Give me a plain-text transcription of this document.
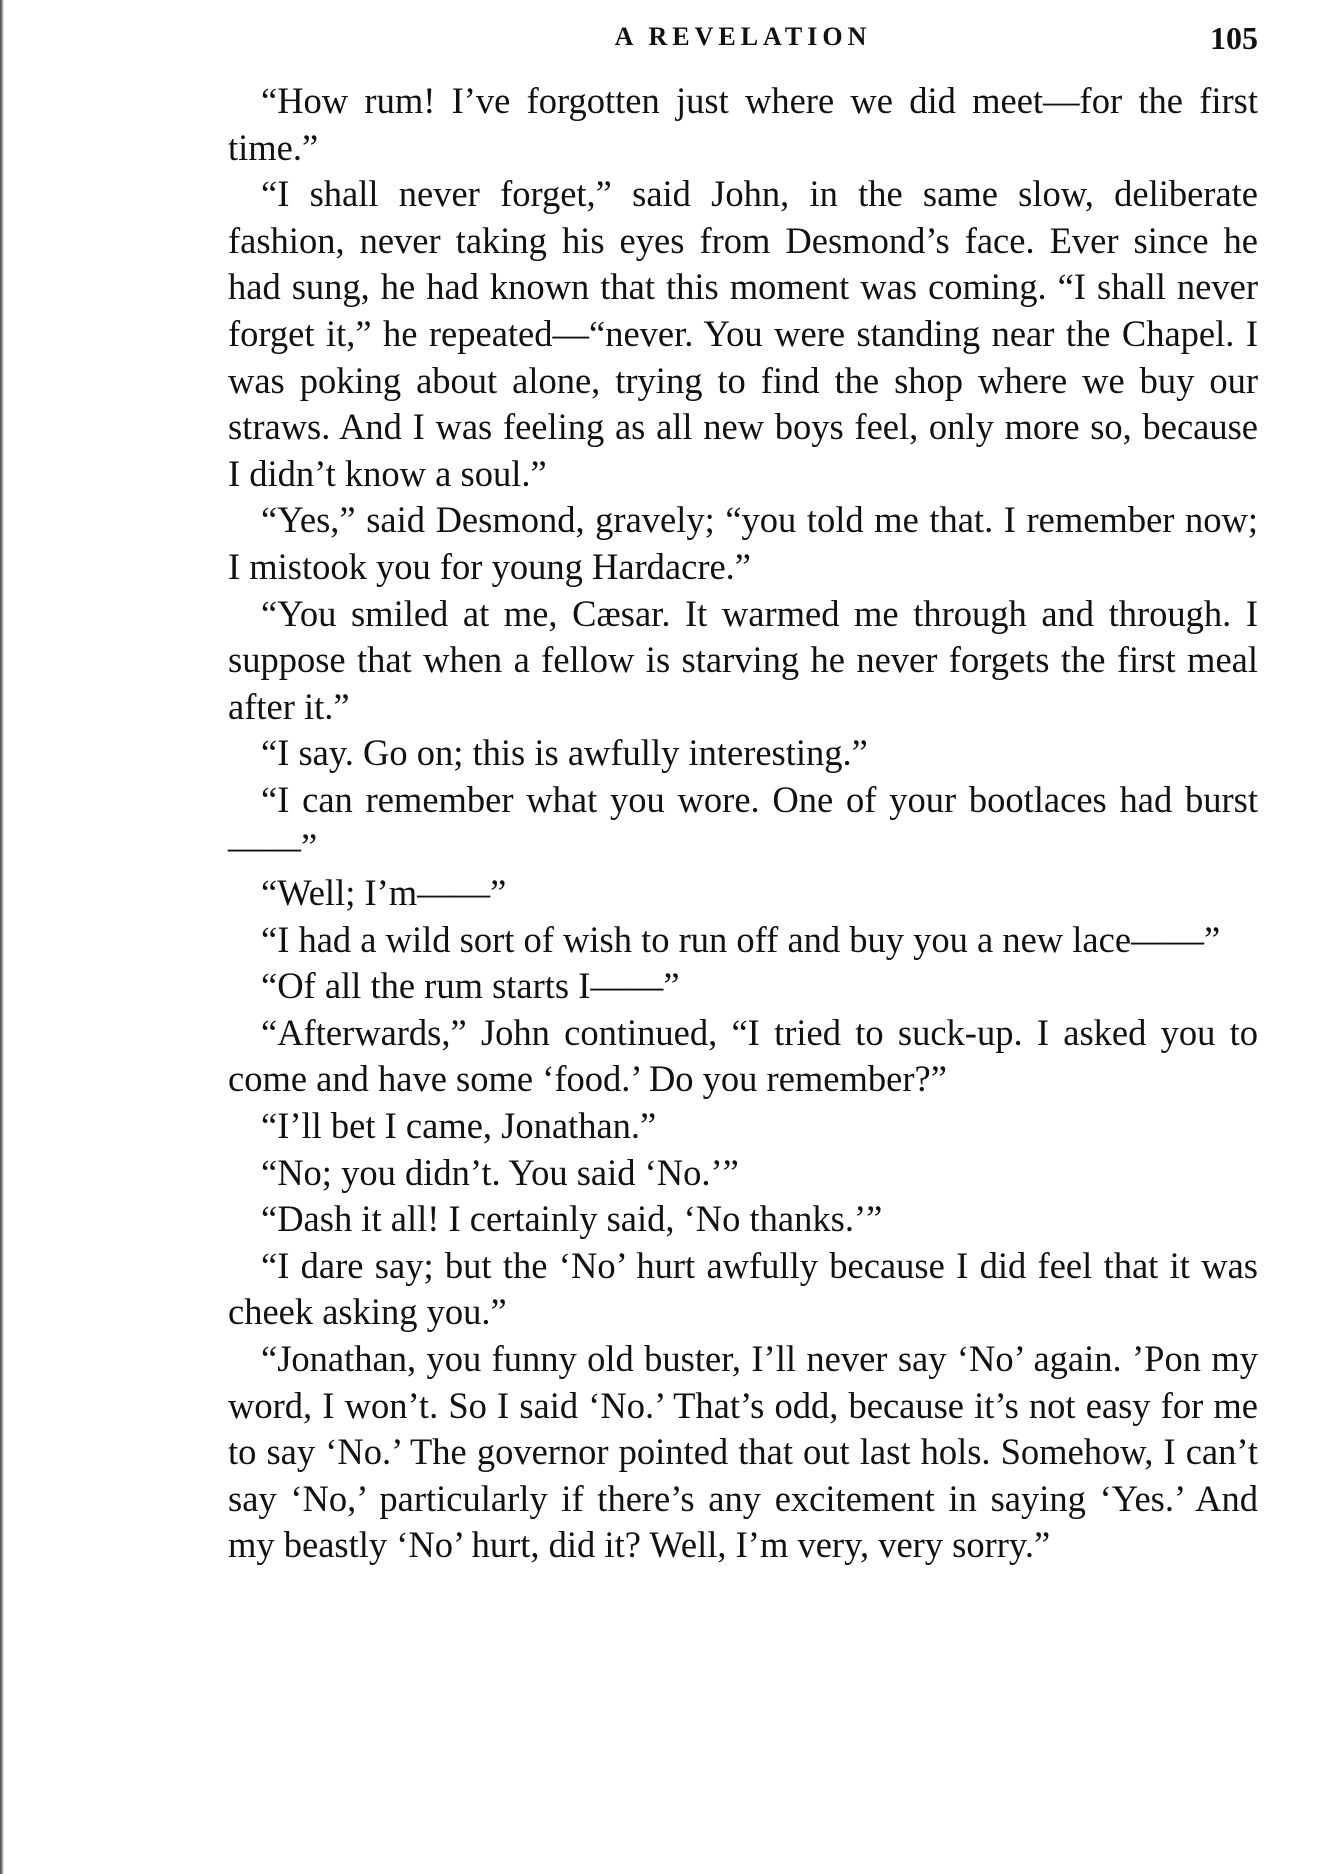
A REVELATION	105

“How rum! I’ve forgotten just where we did meet—for the first time.”

“I shall never forget,” said John, in the same slow, deliberate fashion, never taking his eyes from Desmond’s face. Ever since he had sung, he had known that this moment was coming. “I shall never forget it,” he repeated—“never. You were standing near the Chapel. I was poking about alone, trying to find the shop where we buy our straws. And I was feeling as all new boys feel, only more so, because I didn’t know a soul.”

“Yes,” said Desmond, gravely; “you told me that. I remember now; I mistook you for young Hardacre.”

“You smiled at me, Cæsar. It warmed me through and through. I suppose that when a fellow is starving he never forgets the first meal after it.”

“I say. Go on; this is awfully interesting.”

“I can remember what you wore. One of your bootlaces had burst——”

“Well; I’m——”

“I had a wild sort of wish to run off and buy you a new lace——”

“Of all the rum starts I——”

“Afterwards,” John continued, “I tried to suck-up. I asked you to come and have some ‘food.’ Do you remember?”

“I’ll bet I came, Jonathan.”

“No; you didn’t. You said ‘No.’”

“Dash it all! I certainly said, ‘No thanks.’”

“I dare say; but the ‘No’ hurt awfully because I did feel that it was cheek asking you.”

“Jonathan, you funny old buster, I’ll never say ‘No’ again. ’Pon my word, I won’t. So I said ‘No.’ That’s odd, because it’s not easy for me to say ‘No.’ The governor pointed that out last hols. Somehow, I can’t say ‘No,’ particularly if there’s any excitement in saying ‘Yes.’ And my beastly ‘No’ hurt, did it? Well, I’m very, very sorry.”
